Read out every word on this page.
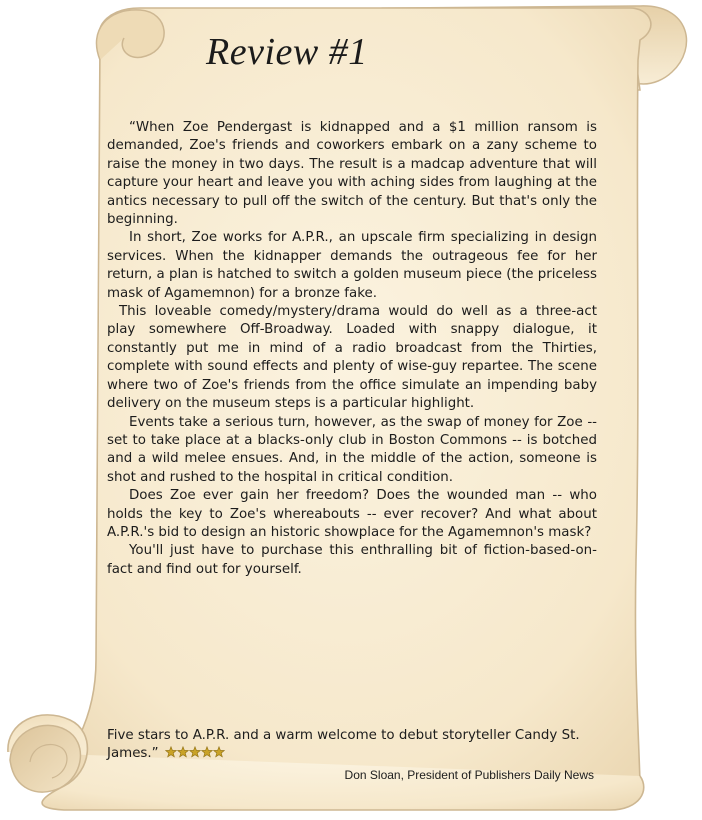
Review #1

“When Zoe Pendergast is kidnapped and a $1 million ransom is demanded, Zoe's friends and coworkers embark on a zany scheme to raise the money in two days. The result is a madcap adventure that will capture your heart and leave you with aching sides from laughing at the antics necessary to pull off the switch of the century. But that's only the beginning.

In short, Zoe works for A.P.R., an upscale firm specializing in design services. When the kidnapper demands the outrageous fee for her return, a plan is hatched to switch a golden museum piece (the priceless mask of Agamemnon) for a bronze fake.

This loveable comedy/mystery/drama would do well as a three-act play somewhere Off-Broadway. Loaded with snappy dialogue, it constantly put me in mind of a radio broadcast from the Thirties, complete with sound effects and plenty of wise-guy repartee. The scene where two of Zoe's friends from the office simulate an impending baby delivery on the museum steps is a particular highlight.

Events take a serious turn, however, as the swap of money for Zoe -- set to take place at a blacks-only club in Boston Commons -- is botched and a wild melee ensues. And, in the middle of the action, someone is shot and rushed to the hospital in critical condition.

Does Zoe ever gain her freedom? Does the wounded man -- who holds the key to Zoe's whereabouts -- ever recover? And what about A.P.R.'s bid to design an historic showplace for the Agamemnon's mask?

You'll just have to purchase this enthralling bit of fiction-based-on-fact and find out for yourself.

Five stars to A.P.R. and a warm welcome to debut storyteller Candy St. James.”

Don Sloan, President of Publishers Daily News
